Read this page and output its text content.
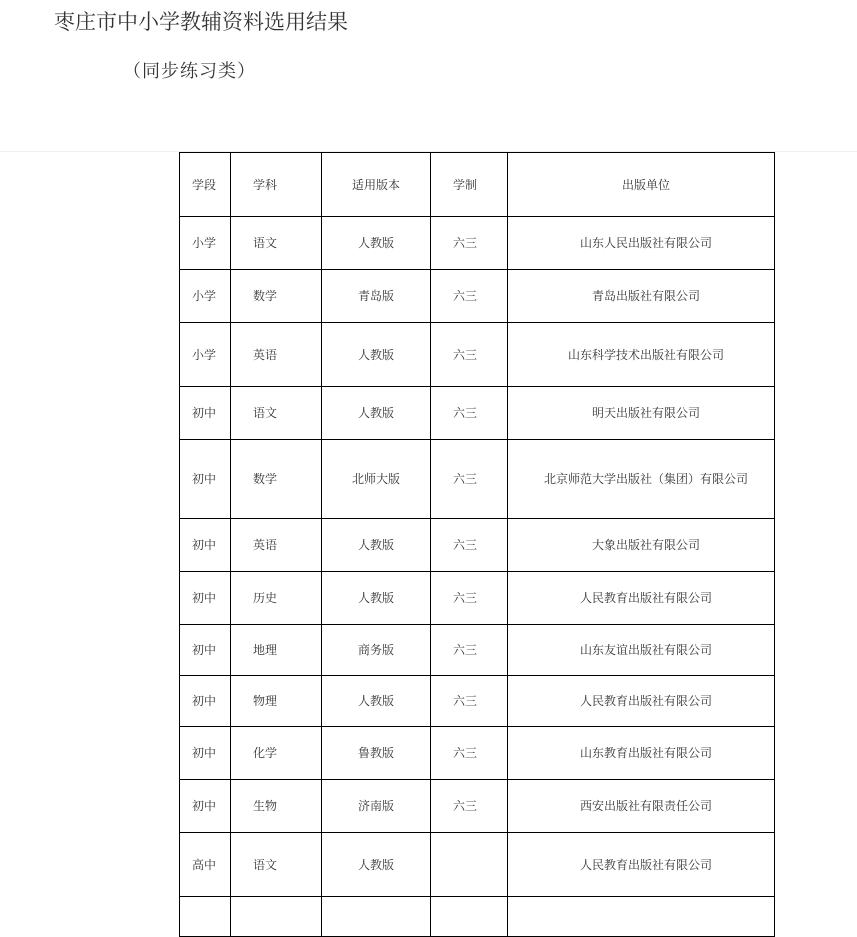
枣庄市中小学教辅资料选用结果
（同步练习类）
学段	学科	适用版本	学制	出版单位
小学	语文	人教版	六三	山东人民出版社有限公司
小学	数学	青岛版	六三	青岛出版社有限公司
小学	英语	人教版	六三	山东科学技术出版社有限公司
初中	语文	人教版	六三	明天出版社有限公司
初中	数学	北师大版	六三	北京师范大学出版社（集团）有限公司
初中	英语	人教版	六三	大象出版社有限公司
初中	历史	人教版	六三	人民教育出版社有限公司
初中	地理	商务版	六三	山东友谊出版社有限公司
初中	物理	人教版	六三	人民教育出版社有限公司
初中	化学	鲁教版	六三	山东教育出版社有限公司
初中	生物	济南版	六三	西安出版社有限责任公司
高中	语文	人教版		人民教育出版社有限公司
